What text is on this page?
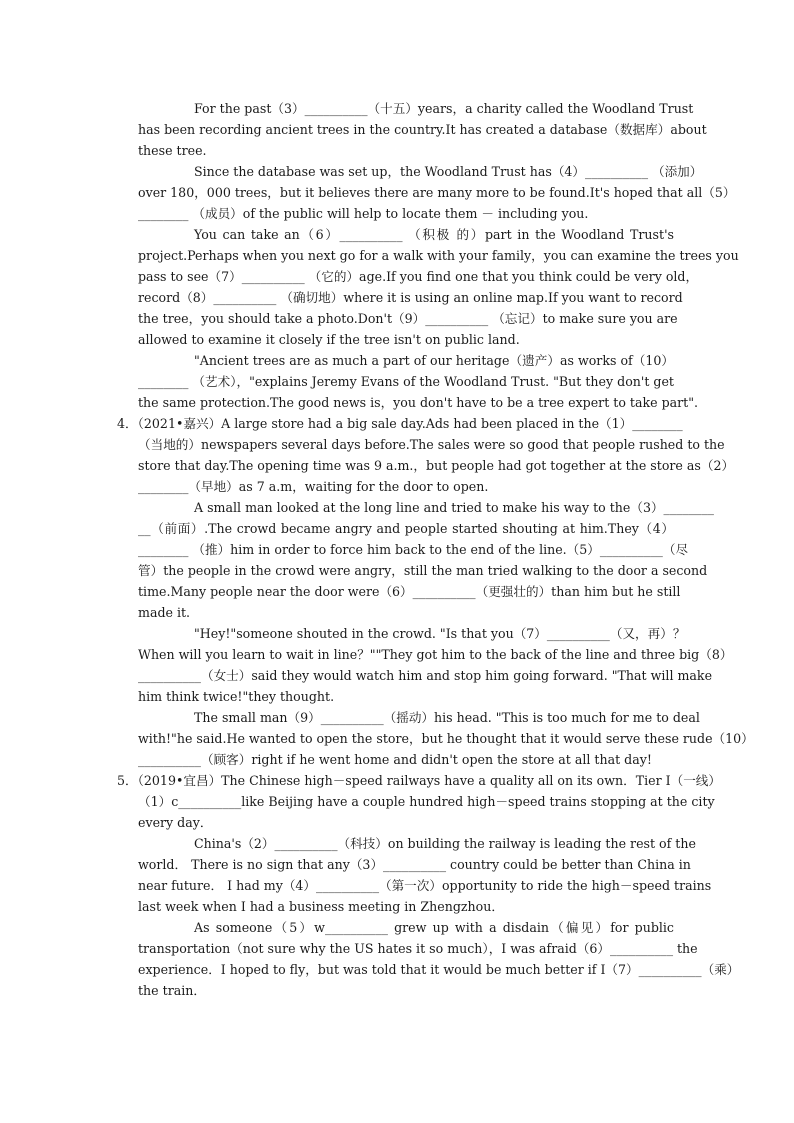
For the past（3）__________（十五）years，a charity called the Woodland Trust
has been recording ancient trees in the country.It has created a database（数据库）about
these tree.
Since the database was set up，the Woodland Trust has（4）__________ （添加）
over 180，000 trees，but it believes there are many more to be found.It's hoped that all（5）
________ （成员）of the public will help to locate them － including you.
You can take an（6）__________ （积极 的）part in the Woodland Trust's
project.Perhaps when you next go for a walk with your family，you can examine the trees you
pass to see（7）__________ （它的）age.If you find one that you think could be very old，
record（8）__________ （确切地）where it is using an online map.If you want to record
the tree，you should take a photo.Don't（9）__________ （忘记）to make sure you are
allowed to examine it closely if the tree isn't on public land.
"Ancient trees are as much a part of our heritage（遗产）as works of（10）
________ （艺术），"explains Jeremy Evans of the Woodland Trust. "But they don't get
the same protection.The good news is，you don't have to be a tree expert to take part".
4．（2021•嘉兴）A large store had a big sale day.Ads had been placed in the（1）________
（当地的）newspapers several days before.The sales were so good that people rushed to the
store that day.The opening time was 9 a.m.，but people had got together at the store as（2）
________（早地）as 7 a.m，waiting for the door to open.
A small man looked at the long line and tried to make his way to the（3）________
__（前面）.The crowd became angry and people started shouting at him.They（4）
________ （推）him in order to force him back to the end of the line.（5）__________（尽
管）the people in the crowd were angry，still the man tried walking to the door a second
time.Many people near the door were（6）__________（更强壮的）than him but he still
made it.
"Hey!"someone shouted in the crowd. "Is that you（7）__________（又，再）？
When will you learn to wait in line？""They got him to the back of the line and three big（8）
__________（女士）said they would watch him and stop him going forward. "That will make
him think twice!"they thought.
The small man（9）__________（摇动）his head. "This is too much for me to deal
with!"he said.He wanted to open the store，but he thought that it would serve these rude（10）
__________（顾客）right if he went home and didn't open the store at all that day!
5．（2019•宜昌）The Chinese high－speed railways have a quality all on its own．Tier I（一线）
（1）c__________like Beijing have a couple hundred high－speed trains stopping at the city
every day．
China's（2）__________（科技）on building the railway is leading the rest of the
world． There is no sign that any（3）__________ country could be better than China in
near future． I had my（4）__________（第一次）opportunity to ride the high－speed trains
last week when I had a business meeting in Zhengzhou．
As someone（5）w__________ grew up with a disdain（偏见）for public
transportation（not sure why the US hates it so much），I was afraid（6）__________ the
experience．I hoped to fly，but was told that it would be much better if I（7）__________（乘）
the train．
